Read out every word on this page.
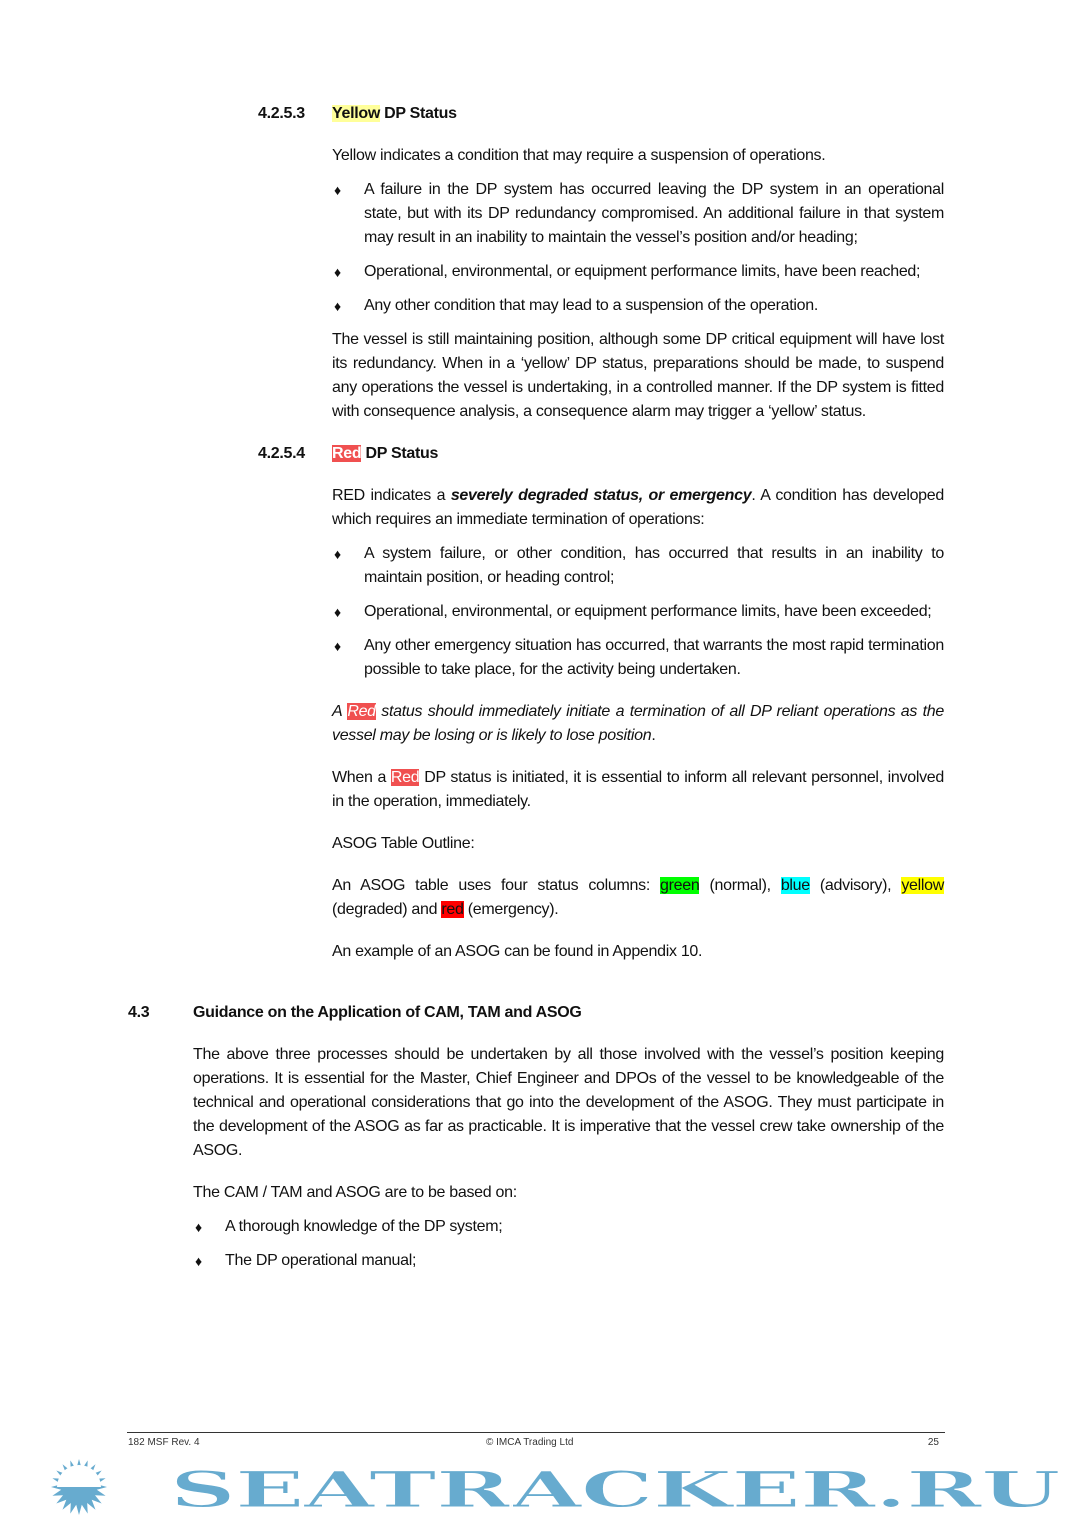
4.2.5.3	Yellow DP Status
Yellow indicates a condition that may require a suspension of operations.
♦ A failure in the DP system has occurred leaving the DP system in an operational state, but with its DP redundancy compromised. An additional failure in that system may result in an inability to maintain the vessel’s position and/or heading;
♦ Operational, environmental, or equipment performance limits, have been reached;
♦ Any other condition that may lead to a suspension of the operation.
The vessel is still maintaining position, although some DP critical equipment will have lost its redundancy. When in a ‘yellow’ DP status, preparations should be made, to suspend any operations the vessel is undertaking, in a controlled manner. If the DP system is fitted with consequence analysis, a consequence alarm may trigger a ‘yellow’ status.
4.2.5.4	Red DP Status
RED indicates a severely degraded status, or emergency. A condition has developed which requires an immediate termination of operations:
♦ A system failure, or other condition, has occurred that results in an inability to maintain position, or heading control;
♦ Operational, environmental, or equipment performance limits, have been exceeded;
♦ Any other emergency situation has occurred, that warrants the most rapid termination possible to take place, for the activity being undertaken.
A Red status should immediately initiate a termination of all DP reliant operations as the vessel may be losing or is likely to lose position.
When a Red DP status is initiated, it is essential to inform all relevant personnel, involved in the operation, immediately.
ASOG Table Outline:
An ASOG table uses four status columns: green (normal), blue (advisory), yellow (degraded) and red (emergency).
An example of an ASOG can be found in Appendix 10.
4.3	Guidance on the Application of CAM, TAM and ASOG
The above three processes should be undertaken by all those involved with the vessel’s position keeping operations. It is essential for the Master, Chief Engineer and DPOs of the vessel to be knowledgeable of the technical and operational considerations that go into the development of the ASOG. They must participate in the development of the ASOG as far as practicable. It is imperative that the vessel crew take ownership of the ASOG.
The CAM / TAM and ASOG are to be based on:
♦ A thorough knowledge of the DP system;
♦ The DP operational manual;
182 MSF Rev. 4	© IMCA Trading Ltd	25
SEATRACKER.RU
